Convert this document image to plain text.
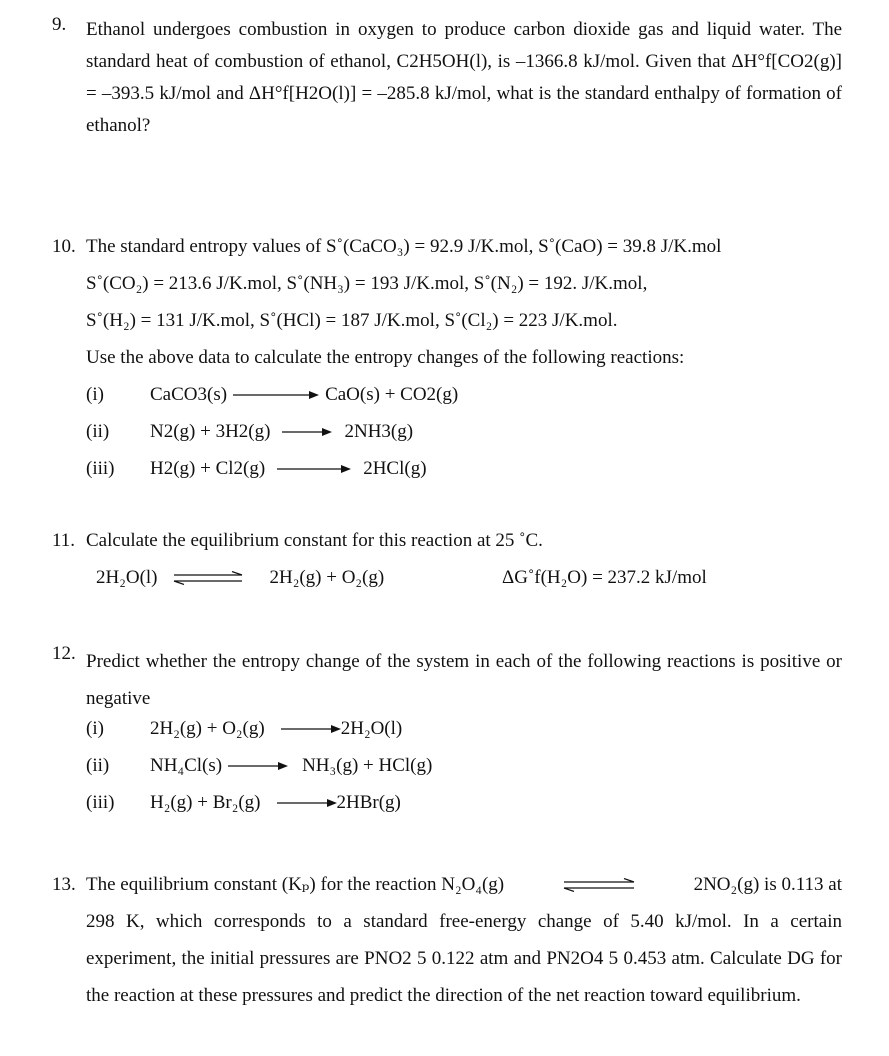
9. Ethanol undergoes combustion in oxygen to produce carbon dioxide gas and liquid water. The standard heat of combustion of ethanol, C2H5OH(l), is –1366.8 kJ/mol. Given that ΔH°f[CO2(g)] = –393.5 kJ/mol and ΔH°f[H2O(l)] = –285.8 kJ/mol, what is the standard enthalpy of formation of ethanol?
10. The standard entropy values of S˚(CaCO₃) = 92.9 J/K.mol, S˚(CaO) = 39.8 J/K.mol
S˚(CO₂) = 213.6 J/K.mol, S˚(NH₃) = 193 J/K.mol, S˚(N₂) = 192. J/K.mol,
S˚(H₂) = 131 J/K.mol, S˚(HCl) = 187 J/K.mol, S˚(Cl₂) = 223 J/K.mol.
Use the above data to calculate the entropy changes of the following reactions:
(i) CaCO3(s)	CaO(s) + CO2(g)
(ii) N2(g) + 3H2(g)	2NH3(g)
(iii) H2(g) + Cl2(g)	2HCl(g)
11. Calculate the equilibrium constant for this reaction at 25 ˚C.
2H₂O(l) ⇌ 2H₂(g) + O₂(g)	ΔG˚f(H₂O) = 237.2 kJ/mol
12. Predict whether the entropy change of the system in each of the following reactions is positive or negative
(i) 2H₂(g) + O₂(g)	2H₂O(l)
(ii) NH₄Cl(s)	NH₃(g) + HCl(g)
(iii) H₂(g) + Br₂(g)	2HBr(g)
13. The equilibrium constant (Kₚ) for the reaction N₂O₄(g)	2NO₂(g) is 0.113 at
298 K, which corresponds to a standard free-energy change of 5.40 kJ/mol. In a certain experiment, the initial pressures are PNO2 5 0.122 atm and PN2O4 5 0.453 atm. Calculate DG for the reaction at these pressures and predict the direction of the net reaction toward equilibrium.
